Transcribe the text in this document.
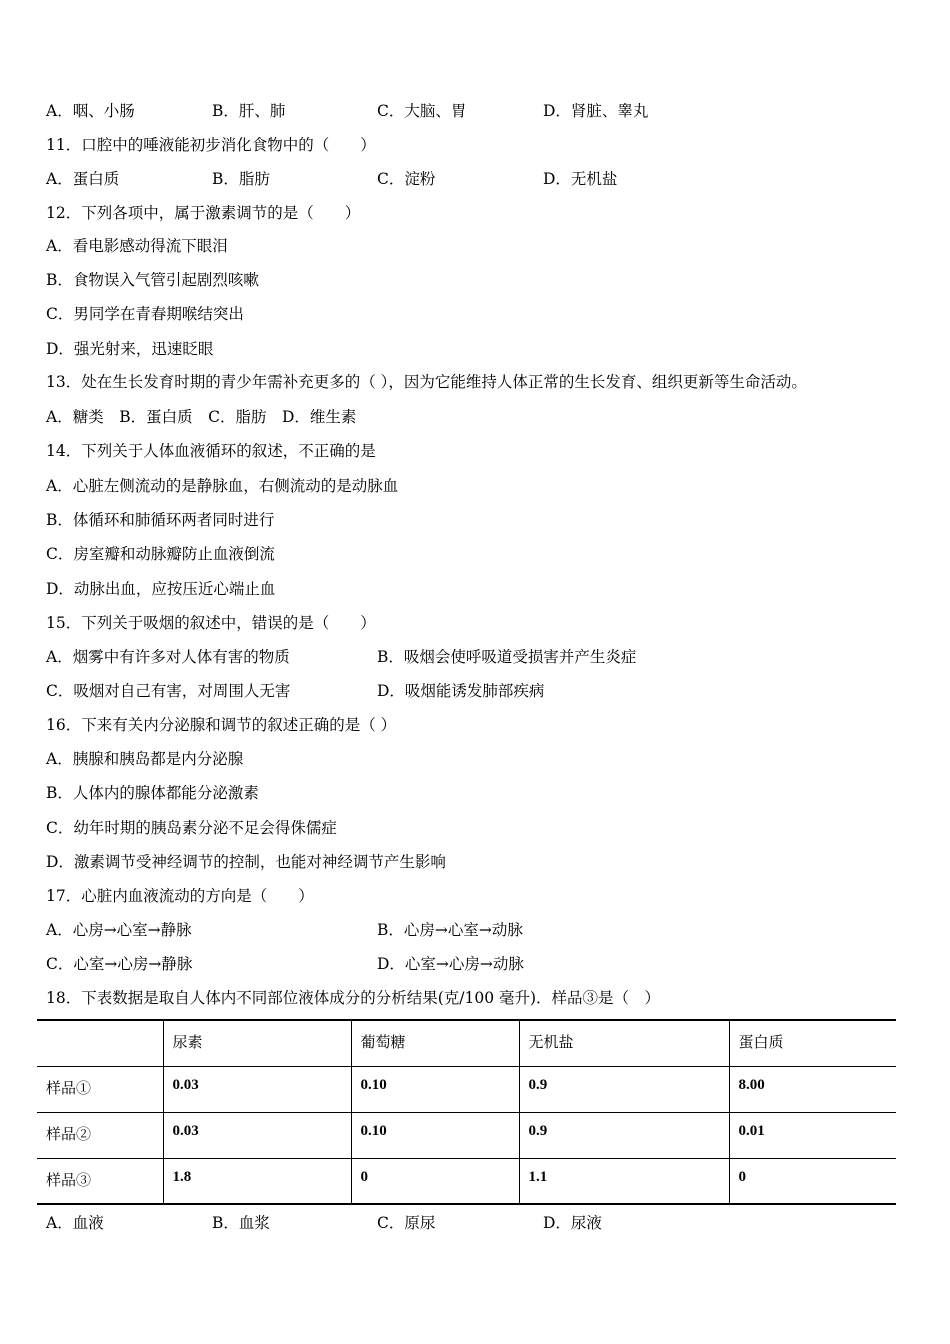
A．咽、小肠	B．肝、肺	C．大脑、胃	D．肾脏、睾丸
11．口腔中的唾液能初步消化食物中的（　　）
A．蛋白质	B．脂肪	C．淀粉	D．无机盐
12．下列各项中，属于激素调节的是（　　）
A．看电影感动得流下眼泪
B．食物误入气管引起剧烈咳嗽
C．男同学在青春期喉结突出
D．强光射来，迅速眨眼
13．处在生长发育时期的青少年需补充更多的（ ），因为它能维持人体正常的生长发育、组织更新等生命活动。
A．糖类　B．蛋白质　C．脂肪　D．维生素
14．下列关于人体血液循环的叙述，不正确的是
A．心脏左侧流动的是静脉血，右侧流动的是动脉血
B．体循环和肺循环两者同时进行
C．房室瓣和动脉瓣防止血液倒流
D．动脉出血，应按压近心端止血
15．下列关于吸烟的叙述中，错误的是（　　）
A．烟雾中有许多对人体有害的物质	B．吸烟会使呼吸道受损害并产生炎症
C．吸烟对自己有害，对周围人无害	D．吸烟能诱发肺部疾病
16．下来有关内分泌腺和调节的叙述正确的是（ ）
A．胰腺和胰岛都是内分泌腺
B．人体内的腺体都能分泌激素
C．幼年时期的胰岛素分泌不足会得侏儒症
D．激素调节受神经调节的控制，也能对神经调节产生影响
17．心脏内血液流动的方向是（　　）
A．心房→心室→静脉	B．心房→心室→动脉
C．心室→心房→静脉	D．心室→心房→动脉
18．下表数据是取自人体内不同部位液体成分的分析结果(克/100 毫升)．样品③是（　）
	尿素	葡萄糖	无机盐	蛋白质
样品①	0.03	0.10	0.9	8.00
样品②	0.03	0.10	0.9	0.01
样品③	1.8	0	1.1	0
A．血液	B．血浆	C．原尿	D．尿液
